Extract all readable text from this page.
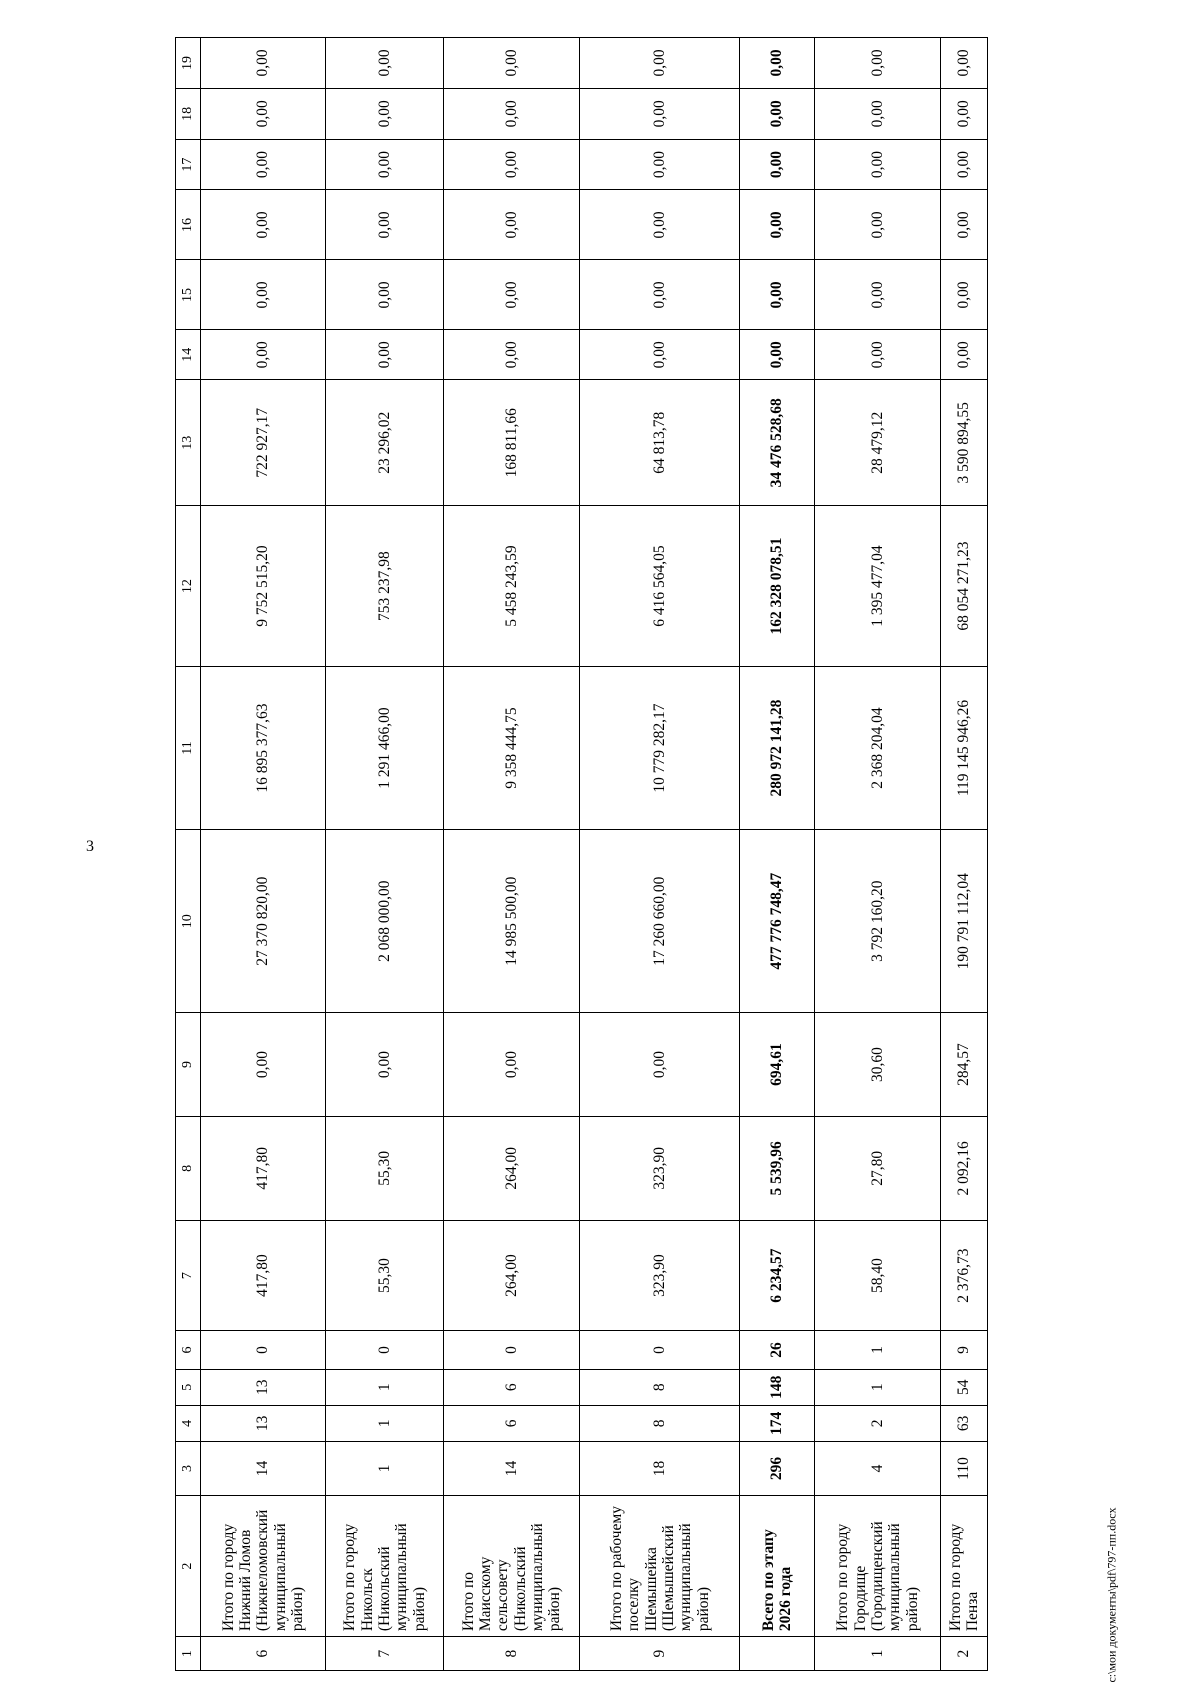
3
1	2	3	4	5	6	7	8	9	10	11	12	13	14	15	16	17	18	19
6	Итого по городу Нижний Ломов (Нижнеломовский муниципальный район)	14	13	13	0	417,80	417,80	0,00	27 370 820,00	16 895 377,63	9 752 515,20	722 927,17	0,00	0,00	0,00	0,00	0,00	0,00
7	Итого по городу Никольск (Никольский муниципальный район)	1	1	1	0	55,30	55,30	0,00	2 068 000,00	1 291 466,00	753 237,98	23 296,02	0,00	0,00	0,00	0,00	0,00	0,00
8	Итого по Маисскому сельсовету (Никольский муниципальный район)	14	6	6	0	264,00	264,00	0,00	14 985 500,00	9 358 444,75	5 458 243,59	168 811,66	0,00	0,00	0,00	0,00	0,00	0,00
9	Итого по рабочему поселку Шемышейка (Шемышейский муниципальный район)	18	8	8	0	323,90	323,90	0,00	17 260 660,00	10 779 282,17	6 416 564,05	64 813,78	0,00	0,00	0,00	0,00	0,00	0,00
	Всего по этапу 2026 года	296	174	148	26	6 234,57	5 539,96	694,61	477 776 748,47	280 972 141,28	162 328 078,51	34 476 528,68	0,00	0,00	0,00	0,00	0,00	0,00
1	Итого по городу Городище (Городищенский муниципальный район)	4	2	1	1	58,40	27,80	30,60	3 792 160,20	2 368 204,04	1 395 477,04	28 479,12	0,00	0,00	0,00	0,00	0,00	0,00
2	Итого по городу Пенза	110	63	54	9	2 376,73	2 092,16	284,57	190 791 112,04	119 145 946,26	68 054 271,23	3 590 894,55	0,00	0,00	0,00	0,00	0,00	0,00
c:\мои документы\pdf\797-пп.docx
